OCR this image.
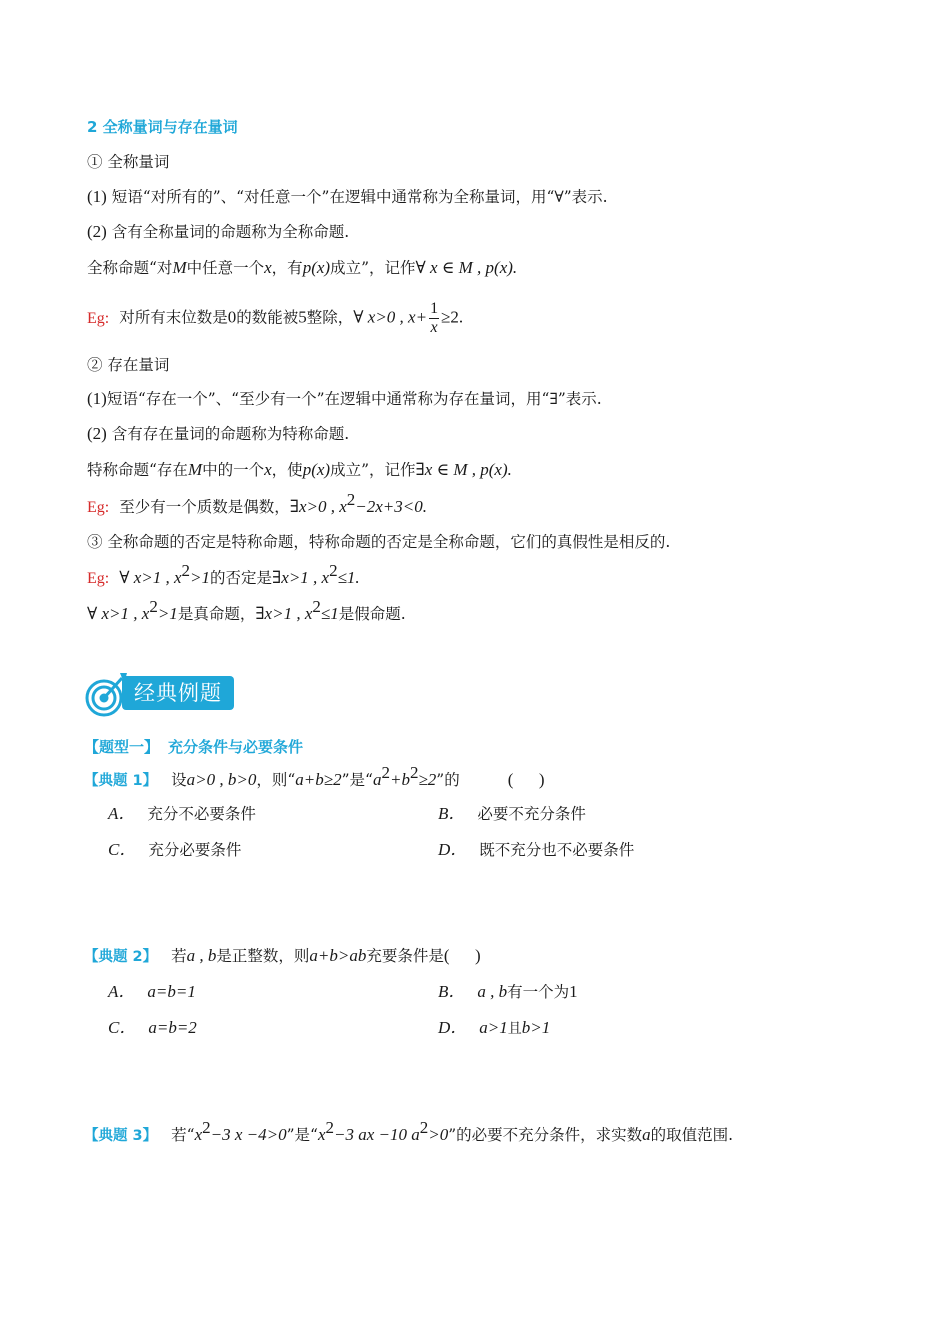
2 全称量词与存在量词
① 全称量词
(1) 短语“对所有的”、“对任意一个”在逻辑中通常称为全称量词，用“∀”表示.
(2) 含有全称量词的命题称为全称命题.
全称命题“对M中任意一个x，有p(x)成立”，记作∀ x ∈ M , p(x).
Eg: 对所有末位数是0的数能被5整除，∀ x>0 , $x+ \frac{1}{x} \ge 2$.
② 存在量词
(1)短语“存在一个”、“至少有一个”在逻辑中通常称为存在量词，用“∃”表示.
(2) 含有存在量词的命题称为特称命题.
特称命题“存在M中的一个x，使p(x)成立”，记作∃x ∈ M , p(x).
Eg: 至少有一个质数是偶数，∃x>0 , $x^2-2x+3<0$.
③ 全称命题的否定是特称命题，特称命题的否定是全称命题，它们的真假性是相反的.
Eg: ∀ x>1 , $x^2>1$的否定是∃x>1 , $x^2\le 1$.
∀ x>1 , $x^2>1$是真命题，∃x>1 , $x^2\le 1$是假命题.
经典例题
【题型一】 充分条件与必要条件
【典题 1】 设a>0 , b>0，则“a+b≥2”是“$a^2+b^2\ge 2$”的	(      )
A． 充分不必要条件	B． 必要不充分条件
C． 充分必要条件	D． 既不充分也不必要条件
【典题 2】 若a , b是正整数，则a+b>ab充要条件是(      )
A． a=b=1	B． a , b有一个为1
C． a=b=2	D． a>1且b>1
【典题 3】 若“$x^2-3$ x −4>0”是“$x^2-3$ ax −10 $a^2>0$”的必要不充分条件，求实数a的取值范围.
